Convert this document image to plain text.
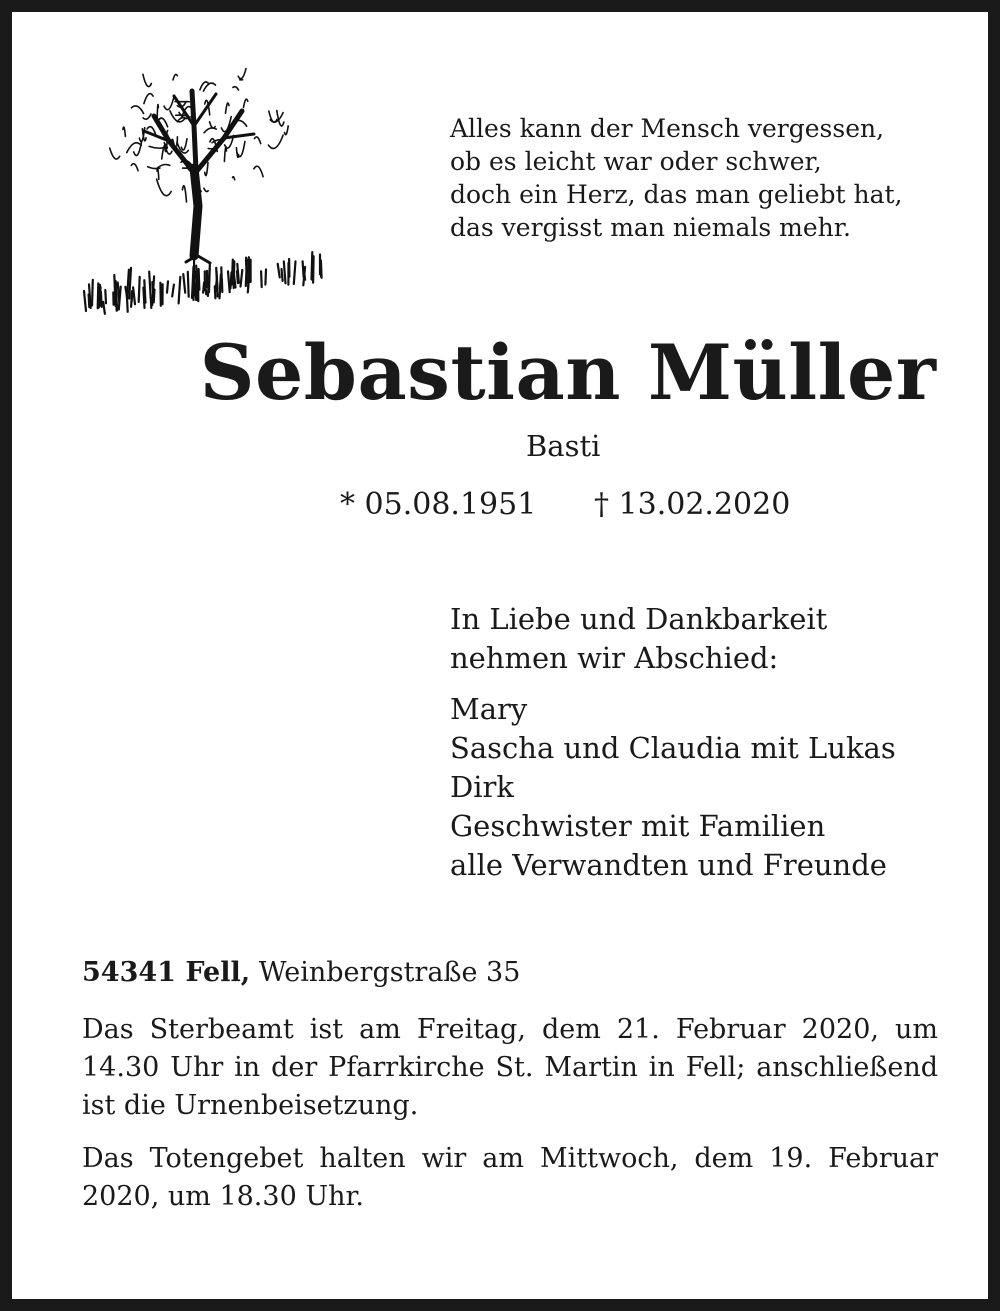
Alles kann der Mensch vergessen,
ob es leicht war oder schwer,
doch ein Herz, das man geliebt hat,
das vergisst man niemals mehr.
Sebastian Müller
Basti
* 05.08.1951 † 13.02.2020
In Liebe und Dankbarkeit
nehmen wir Abschied:
Mary
Sascha und Claudia mit Lukas
Dirk
Geschwister mit Familien
alle Verwandten und Freunde
54341 Fell, Weinbergstraße 35
Das Sterbeamt ist am Freitag, dem 21. Februar 2020, um 14.30 Uhr in der Pfarrkirche St. Martin in Fell; anschließend ist die Urnenbeisetzung.
Das Totengebet halten wir am Mittwoch, dem 19. Februar 2020, um 18.30 Uhr.
